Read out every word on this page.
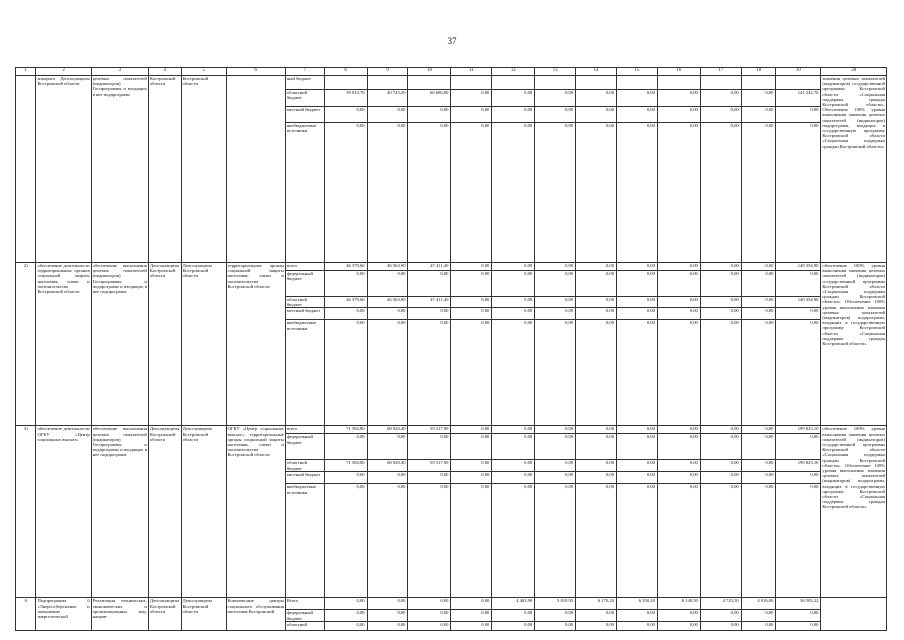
37
1	2	3	4	5	6	7	8	9	10	11	12	13	14	15	16	17	18	19	20
	аппарата Депсоцзащиты Костромской области	целевых показателей (индикаторов) Госпрограммы и входящих в нее подпрограмм	Костромской области	Костромской области		ный бюджет													значения целевых показателей (индикаторов) государственной программы Костромской области «Социальная поддержка граждан Костромской области». Обеспечение 100% уровня выполнения значения целевых показателей (индикаторов) подпрограмм, входящих в государственную программу Костромской области «Социальная поддержка граждан Костромской области»
						областной бюджет	39 810,70	40 745,20	60 686,80	0,00	0,00	0,00	0,00	0,00	0,00	0,00	0,00	141 242,70	
						местный бюджет	0,00	0,00	0,00	0,00	0,00	0,00	0,00	0,00	0,00	0,00	0,00	0,00	
						внебюджетные источники	0,00	0,00	0,00	0,00	0,00	0,00	0,00	0,00	0,00	0,00	0,00	0,00	
2)	обеспечение деятельности территориальных органов социальной защиты населения, опеки и попечительства Костромской области	обеспечение выполнения целевых показателей (индикаторов) Госпрограммы и подпрограмм и входящих в нее подпрограмм	Депсоцзащиты Костромской области	Депсоцзащиты Костромской области	территориальные органы социальной защиты населения, опеки и попечительства Костромской области	всего	46 379,60	46 563,90	47 411,40	0,00	0,00	0,00	0,00	0,00	0,00	0,00	0,00	140 354,90	обеспечение 100% уровня выполнения значения целевых показателей (индикаторов) государственной программы Костромской области «Социальная поддержка граждан Костромской области». Обеспечение 100% уровня выполнения значения целевых показателей (индикаторов) подпрограмм, входящих в государственную программу Костромской области «Социальная поддержка граждан Костромской области»
						федеральный бюджет	0,00	0,00	0,00	0,00	0,00	0,00	0,00	0,00	0,00	0,00	0,00	0,00	
						областной бюджет	46 379,60	46 563,90	47 411,40	0,00	0,00	0,00	0,00	0,00	0,00	0,00	0,00	140 354,90	
						местный бюджет	0,00	0,00	0,00	0,00	0,00	0,00	0,00	0,00	0,00	0,00	0,00	0,00	
						внебюджетные источники	0,00	0,00	0,00	0,00	0,00	0,00	0,00	0,00	0,00	0,00	0,00	0,00	
3)	обеспечение деятельности ОГКУ «Центр социальных выплат»	обеспечение выполнения целевых показателей (индикаторов) Госпрограммы и подпрограмм и входящих в нее подпрограмм	Депсоцзащиты Костромской области	Депсоцзащиты Костромской области	ОГКУ «Центр социальных выплат», территориальные органы социальной защиты населения, опеки и попечительства Костромской области	всего	71 584,80	68 920,40	59 317,90	0,00	0,00	0,00	0,00	0,00	0,00	0,00	0,00	199 823,10	обеспечение 100% уровня выполнения значения целевых показателей (индикаторов) государственной программы Костромской области «Социальная поддержка граждан Костромской области». Обеспечение 100% уровня выполнения значения целевых показателей (индикаторов) подпрограмм, входящих в государственную программу Костромской области «Социальная поддержка граждан Костромской области»
						федеральный бюджет	0,00	0,00	0,00	0,00	0,00	0,00	0,00	0,00	0,00	0,00	0,00	0,00	
						областной бюджет	71 584,80	68 920,40	59 317,90	0,00	0,00	0,00	0,00	0,00	0,00	0,00	0,00	199 823,10	
						местный бюджет	0,00	0,00	0,00	0,00	0,00	0,00	0,00	0,00	0,00	0,00	0,00	0,00	
						внебюджетные источники	0,00	0,00	0,00	0,00	0,00	0,00	0,00	0,00	0,00	0,00	0,00	0,00	
6	Подпрограмма 6 «Энергосбережение и повышение энергетической	Реализация технических, экономических и организационных мер, направ-	Депсоцзащиты Костромской области	Депсоцзащиты Костромской области	Комплексные центры социального обслуживания населения Костромской	Всего	0,00	0,00	0,00	0,00	4 463,90	3 810,92	6 170,20	6 350,20	6 148,50	4 723,50	4 916,00	36 583,22	
						федеральный бюджет	0,00	0,00	0,00	0,00	0,00	0,00	0,00	0,00	0,00	0,00	0,00	0,00	
						областной	0,00	0,00	0,00	0,00	0,00	0,00	0,00	0,00	0,00	0,00	0,00	0,00	
